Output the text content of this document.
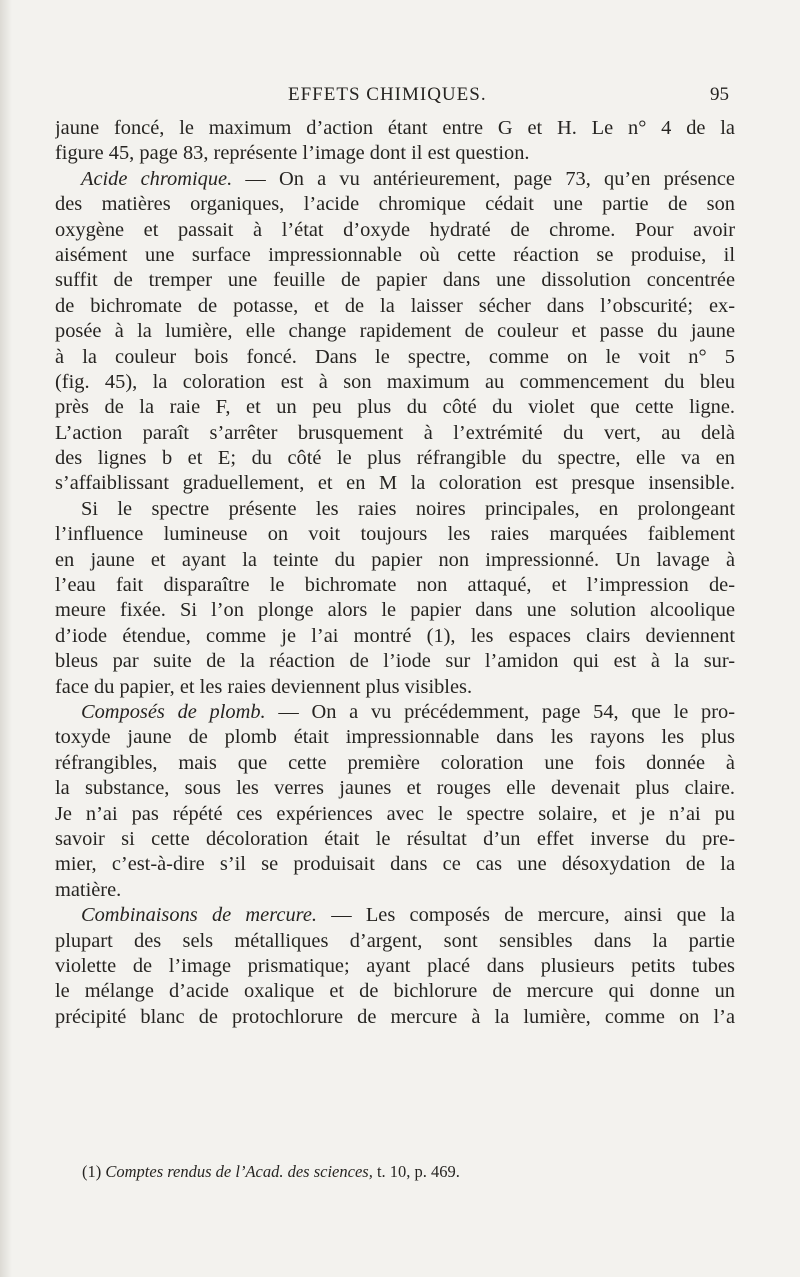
EFFETS CHIMIQUES.	95
jaune foncé, le maximum d’action étant entre G et H. Le n° 4 de la
figure 45, page 83, représente l’image dont il est question.
Acide chromique. — On a vu antérieurement, page 73, qu’en présence
des matières organiques, l’acide chromique cédait une partie de son
oxygène et passait à l’état d’oxyde hydraté de chrome. Pour avoir
aisément une surface impressionnable où cette réaction se produise, il
suffit de tremper une feuille de papier dans une dissolution concentrée
de bichromate de potasse, et de la laisser sécher dans l’obscurité; ex-
posée à la lumière, elle change rapidement de couleur et passe du jaune
à la couleur bois foncé. Dans le spectre, comme on le voit n° 5
(fig. 45), la coloration est à son maximum au commencement du bleu
près de la raie F, et un peu plus du côté du violet que cette ligne.
L’action paraît s’arrêter brusquement à l’extrémité du vert, au delà
des lignes b et E; du côté le plus réfrangible du spectre, elle va en
s’affaiblissant graduellement, et en M la coloration est presque insensible.
Si le spectre présente les raies noires principales, en prolongeant
l’influence lumineuse on voit toujours les raies marquées faiblement
en jaune et ayant la teinte du papier non impressionné. Un lavage à
l’eau fait disparaître le bichromate non attaqué, et l’impression de-
meure fixée. Si l’on plonge alors le papier dans une solution alcoolique
d’iode étendue, comme je l’ai montré (1), les espaces clairs deviennent
bleus par suite de la réaction de l’iode sur l’amidon qui est à la sur-
face du papier, et les raies deviennent plus visibles.
Composés de plomb. — On a vu précédemment, page 54, que le pro-
toxyde jaune de plomb était impressionnable dans les rayons les plus
réfrangibles, mais que cette première coloration une fois donnée à
la substance, sous les verres jaunes et rouges elle devenait plus claire.
Je n’ai pas répété ces expériences avec le spectre solaire, et je n’ai pu
savoir si cette décoloration était le résultat d’un effet inverse du pre-
mier, c’est-à-dire s’il se produisait dans ce cas une désoxydation de la
matière.
Combinaisons de mercure. — Les composés de mercure, ainsi que la
plupart des sels métalliques d’argent, sont sensibles dans la partie
violette de l’image prismatique; ayant placé dans plusieurs petits tubes
le mélange d’acide oxalique et de bichlorure de mercure qui donne un
précipité blanc de protochlorure de mercure à la lumière, comme on l’a
(1) Comptes rendus de l’Acad. des sciences, t. 10, p. 469.
